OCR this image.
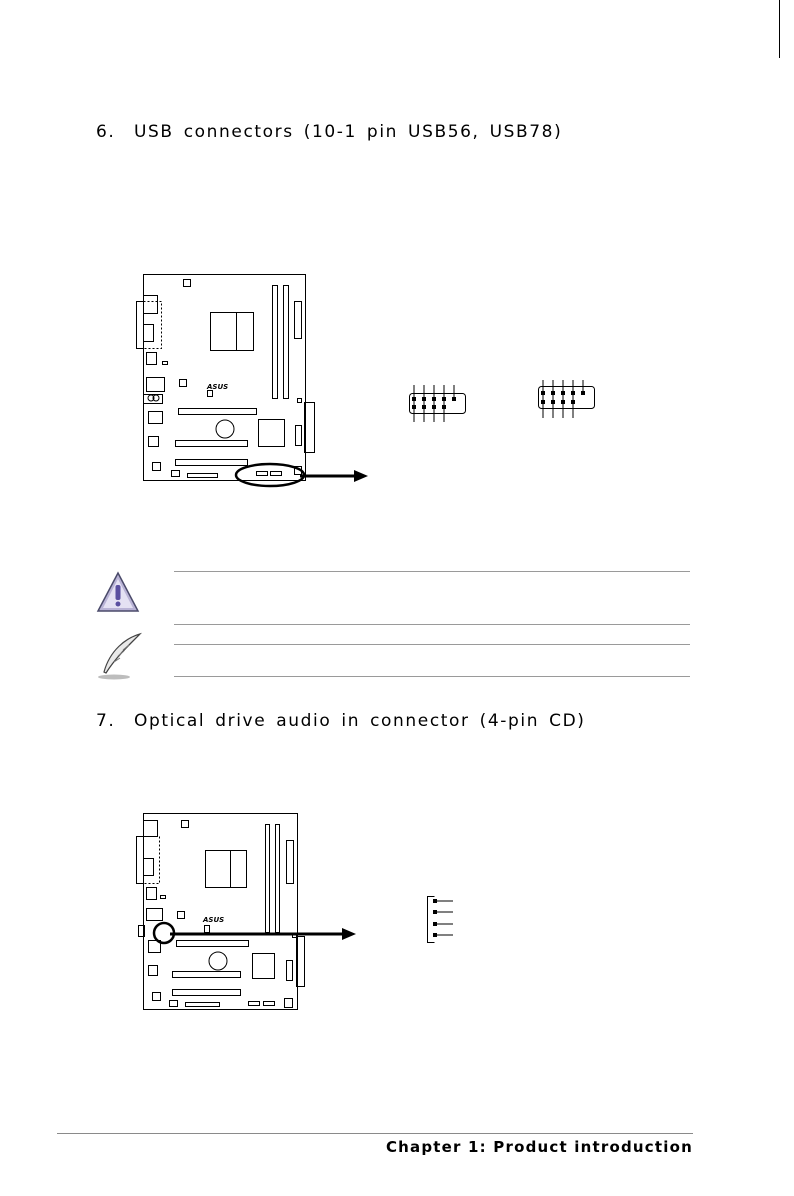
6. USB connectors (10-1 pin USB56, USB78)
ASUS
7. Optical drive audio in connector (4-pin CD)
ASUS
Chapter 1: Product introduction
